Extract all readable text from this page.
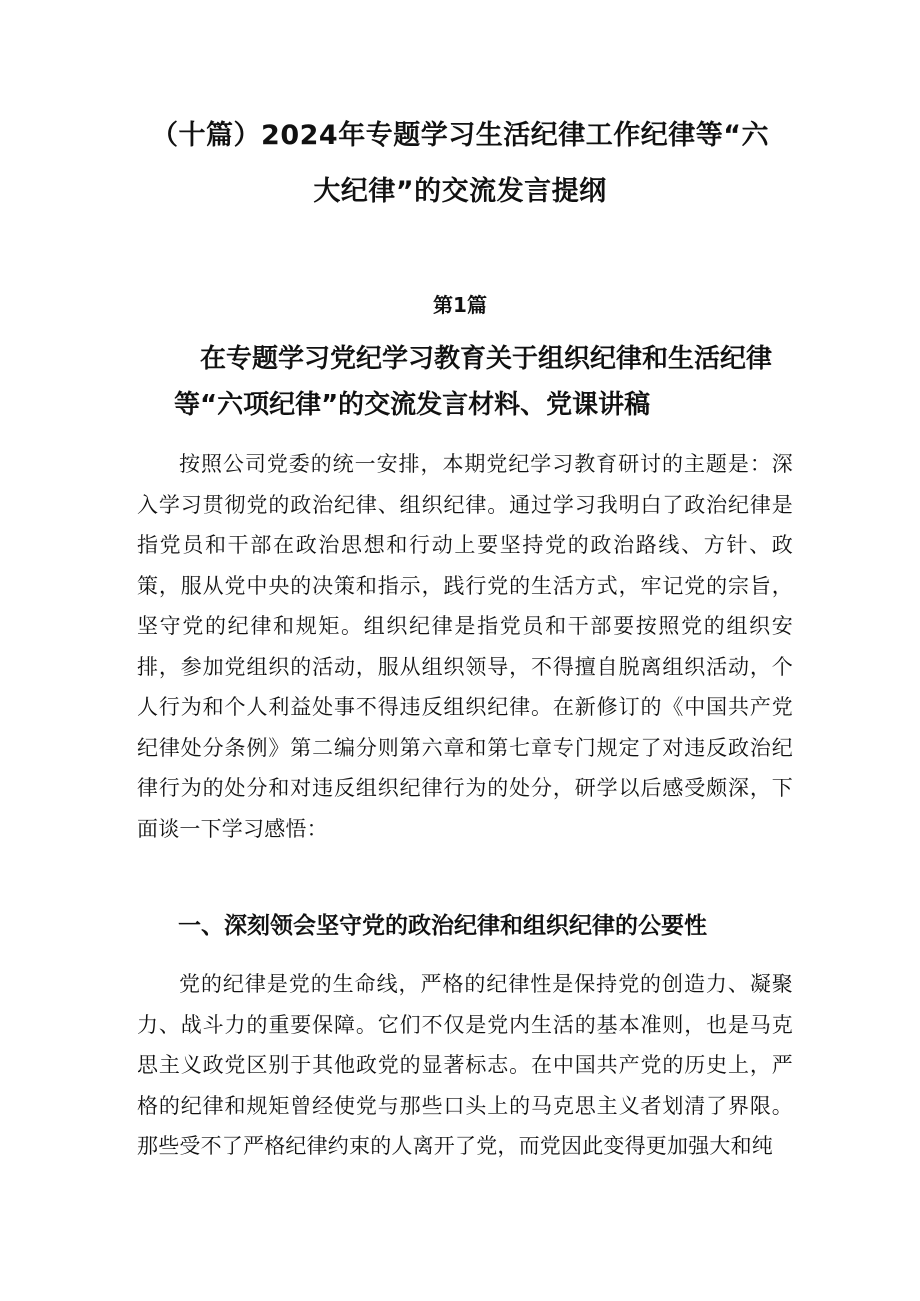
（十篇）2024年专题学习生活纪律工作纪律等“六
大纪律”的交流发言提纲
第1篇
在专题学习党纪学习教育关于组织纪律和生活纪律
等“六项纪律”的交流发言材料、党课讲稿

按照公司党委的统一安排，本期党纪学习教育研讨的主题是：深入学习贯彻党的政治纪律、组织纪律。通过学习我明白了政治纪律是指党员和干部在政治思想和行动上要坚持党的政治路线、方针、政策，服从党中央的决策和指示，践行党的生活方式，牢记党的宗旨，坚守党的纪律和规矩。组织纪律是指党员和干部要按照党的组织安排，参加党组织的活动，服从组织领导，不得擅自脱离组织活动，个人行为和个人利益处事不得违反组织纪律。在新修订的《中国共产党纪律处分条例》第二编分则第六章和第七章专门规定了对违反政治纪律行为的处分和对违反组织纪律行为的处分，研学以后感受颇深，下面谈一下学习感悟：

一、深刻领会坚守党的政治纪律和组织纪律的公要性

党的纪律是党的生命线，严格的纪律性是保持党的创造力、凝聚力、战斗力的重要保障。它们不仅是党内生活的基本准则，也是马克思主义政党区别于其他政党的显著标志。在中国共产党的历史上，严格的纪律和规矩曾经使党与那些口头上的马克思主义者划清了界限。那些受不了严格纪律约束的人离开了党，而党因此变得更加强大和纯
